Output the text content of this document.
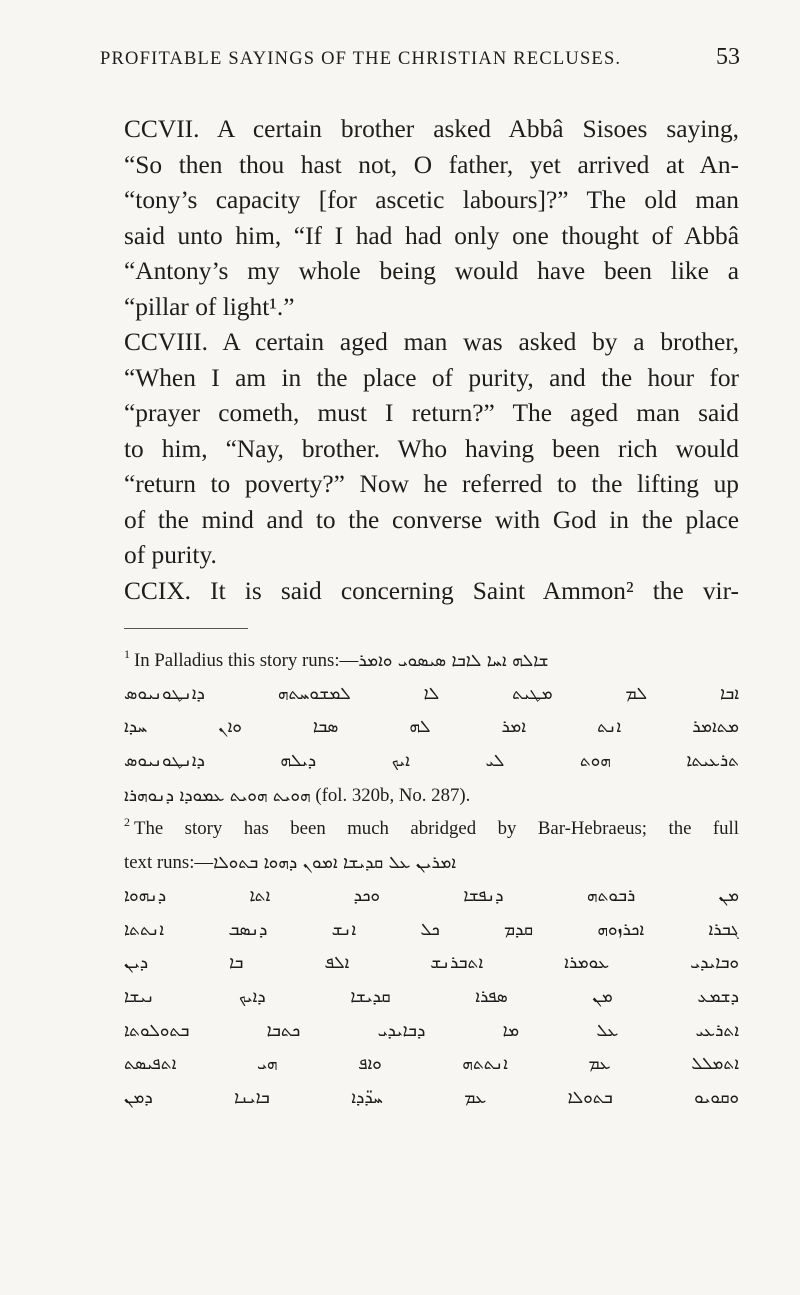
PROFITABLE SAYINGS OF THE CHRISTIAN RECLUSES.	53
CCVII. A certain brother asked Abbâ Sisoes saying,
“So then thou hast not, O father, yet arrived at An-
“tony’s capacity [for ascetic labours]?” The old man
said unto him, “If I had had only one thought of Abbâ
“Antony’s my whole being would have been like a
“pillar of light¹.”
CCVIII. A certain aged man was asked by a brother,
“When I am in the place of purity, and the hour for
“prayer cometh, must I return?” The aged man said
to him, “Nay, brother. Who having been rich would
“return to poverty?” Now he referred to the lifting up
of the mind and to the converse with God in the place
of purity.
CCIX. It is said concerning Saint Ammon² the vir-
$^1$ In Palladius this story runs:—ܫܐܠܗ ܐܚܐ ܠܐܒܐ ܣܝܣܘܝ ܘܐܡܪ
ܐܒܐ ܠܡ ܡܛܝܬ ܠܐ ܠܡܫܘܚܬܗ ܕܐܢܛܘܢܝܘܣ
ܡܬܐܡܪ ܐܢܬ ܐܡܪ ܠܗ ܣܒܐ ܘܐܢ ܚܕܐ
ܬܪܥܝܬܐ ܗܘܬ ܠܝ ܐܝܟ ܕܝܠܗ ܕܐܢܛܘܢܝܘܣ
ܗܘܝܬ ܗܘܝܬ ܥܡܘܕܐ ܕܢܘܗܪܐ (fol. 320b, No. 287).
$^2$ The story has been much abridged by Bar-Hebraeus; the full
text runs:—ܐܡܪܝܢ ܥܠ ܩܕܝܫܐ ܐܡܘܢ ܕܗܘܐ ܒܬܘܠܐ
ܡܢ ܪܒܘܬܗ ܕܢܦܫܐ ܘܟܕ ܐܬܐ ܕܢܗܘܐ
ܓܒܪܐ ܐܟܪܙܘܗ ܩܕܡ ܟܠ ܐܢܫ ܕܢܣܒ ܐܢܬܬܐ
ܘܒܐܝܕܝ ܥܘܡܪܐ ܐܬܒܪܢܫ ܐܠܦ ܒܐ ܕܝܢ
ܕܫܡܥ ܡܢ ܣܦܪܐ ܩܕܝܫܐ ܕܐܝܟ ܢܝܫܐ
ܐܬܪܥܝ ܥܠ ܡܐ ܕܒܐܝܕܝ ܟܬܒܐ ܒܬܘܠܘܬܐ
ܐܬܡܠܠ ܥܡ ܐܢܬܬܗ ܘܐܦ ܗܝ ܐܬܦܝܣܬ
ܘܩܘܝܘ ܒܬܘܠܐ ܥܡ ܚܕ̈ܕܐ ܒܐܝܢܐ ܕܡܢ
